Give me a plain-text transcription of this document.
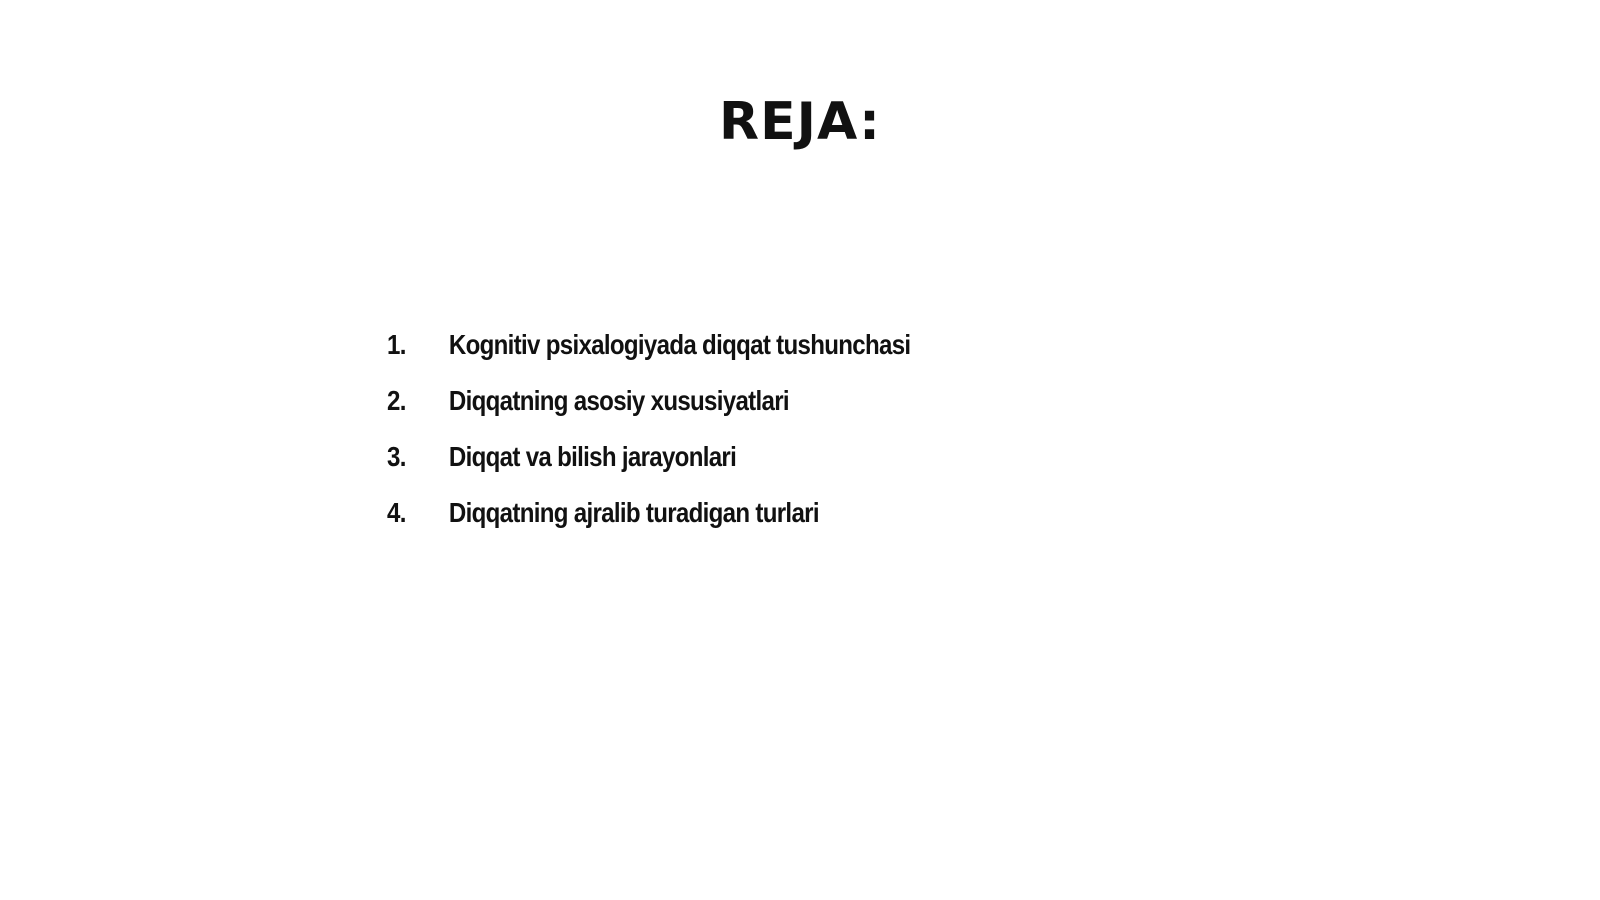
REJA:
1.	Kognitiv psixalogiyada diqqat tushunchasi
2.	Diqqatning asosiy xususiyatlari
3.	Diqqat va bilish jarayonlari
4.	Diqqatning ajralib turadigan turlari
